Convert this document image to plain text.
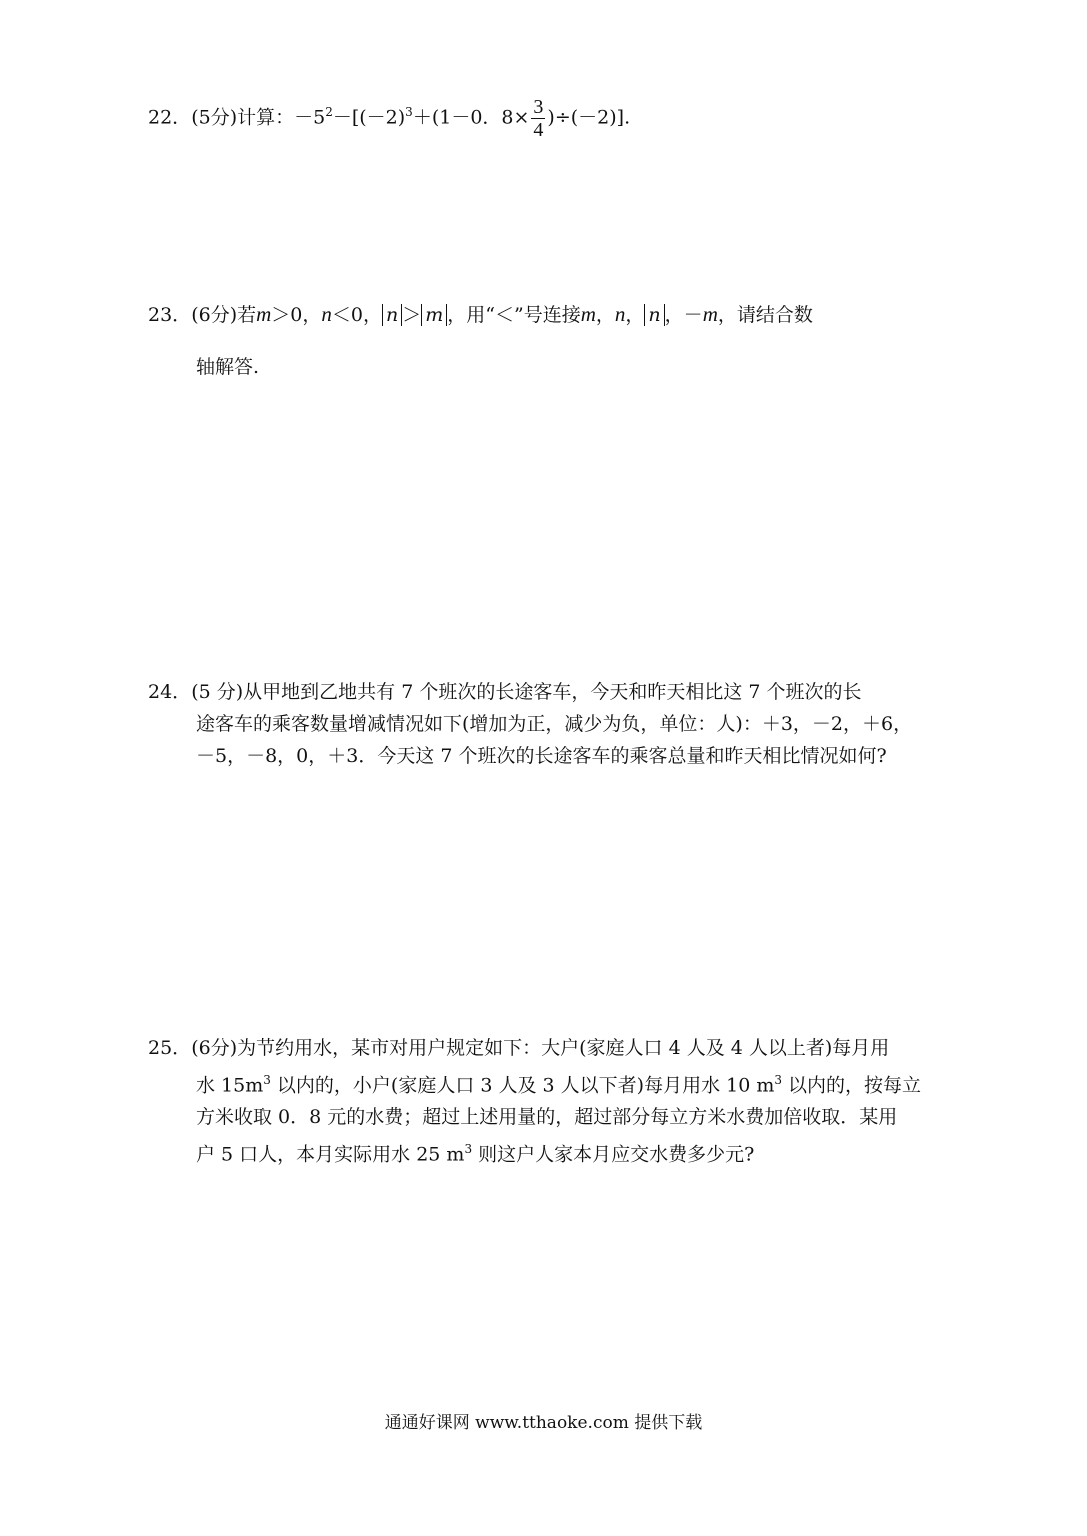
22．(5分)计算：$-5^2-[(-2)^3+(1-0$．$8\times \frac{3}{4} )\div(-2)$].
23．(6分)若m＞0，n＜0， n ＞ m ，用“＜”号连接m，n， n ，－m，请结合数
轴解答.
24．(5 分)从甲地到乙地共有 7 个班次的长途客车，今天和昨天相比这 7 个班次的长
途客车的乘客数量增减情况如下(增加为正，减少为负，单位：人)：＋3，－2，＋6，
－5，－8，0，＋3．今天这 7 个班次的长途客车的乘客总量和昨天相比情况如何?
25．(6分)为节约用水，某市对用户规定如下：大户(家庭人口 4 人及 4 人以上者)每月用
水 $15m^3$ 以内的，小户(家庭人口 3 人及 3 人以下者)每月用水 10 $m^3$ 以内的，按每立
方米收取 0．8 元的水费；超过上述用量的，超过部分每立方米水费加倍收取．某用
户 5 口人，本月实际用水 25 $m^3$ 则这户人家本月应交水费多少元?
通通好课网 www.tthaoke.com 提供下载
